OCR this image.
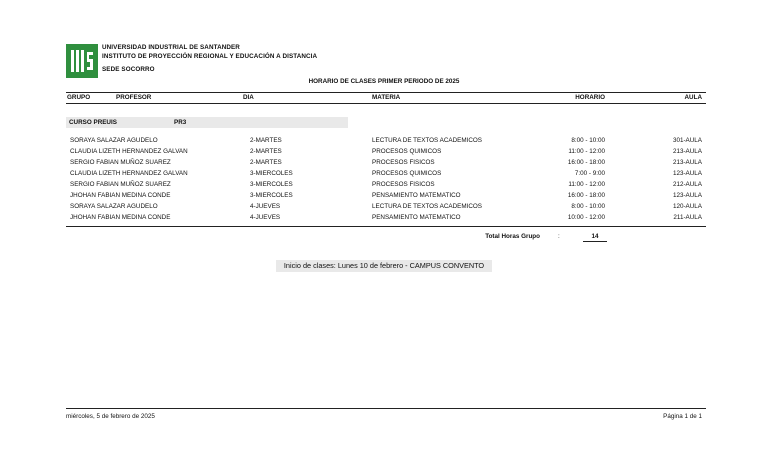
UNIVERSIDAD INDUSTRIAL DE SANTANDER
INSTITUTO DE PROYECCIÓN REGIONAL Y EDUCACIÓN A DISTANCIA
SEDE SOCORRO
HORARIO DE CLASES PRIMER PERIODO DE 2025
GRUPO	PROFESOR	DIA	MATERIA	HORARIO	AULA
CURSO PREUIS	PR3
SORAYA SALAZAR AGUDELO	2-MARTES	LECTURA DE TEXTOS ACADEMICOS	8:00 - 10:00	301-AULA
CLAUDIA LIZETH HERNANDEZ GALVAN	2-MARTES	PROCESOS QUIMICOS	11:00 - 12:00	213-AULA
SERGIO FABIAN MUÑOZ SUAREZ	2-MARTES	PROCESOS FISICOS	16:00 - 18:00	213-AULA
CLAUDIA LIZETH HERNANDEZ GALVAN	3-MIERCOLES	PROCESOS QUIMICOS	7:00 - 9:00	123-AULA
SERGIO FABIAN MUÑOZ SUAREZ	3-MIERCOLES	PROCESOS FISICOS	11:00 - 12:00	212-AULA
JHOHAN FABIAN MEDINA CONDE	3-MIERCOLES	PENSAMIENTO MATEMATICO	16:00 - 18:00	123-AULA
SORAYA SALAZAR AGUDELO	4-JUEVES	LECTURA DE TEXTOS ACADEMICOS	8:00 - 10:00	120-AULA
JHOHAN FABIAN MEDINA CONDE	4-JUEVES	PENSAMIENTO MATEMATICO	10:00 - 12:00	211-AULA
Total Horas Grupo	:	14
Inicio de clases: Lunes 10 de febrero - CAMPUS CONVENTO
miércoles, 5 de febrero de 2025	Página 1 de 1
